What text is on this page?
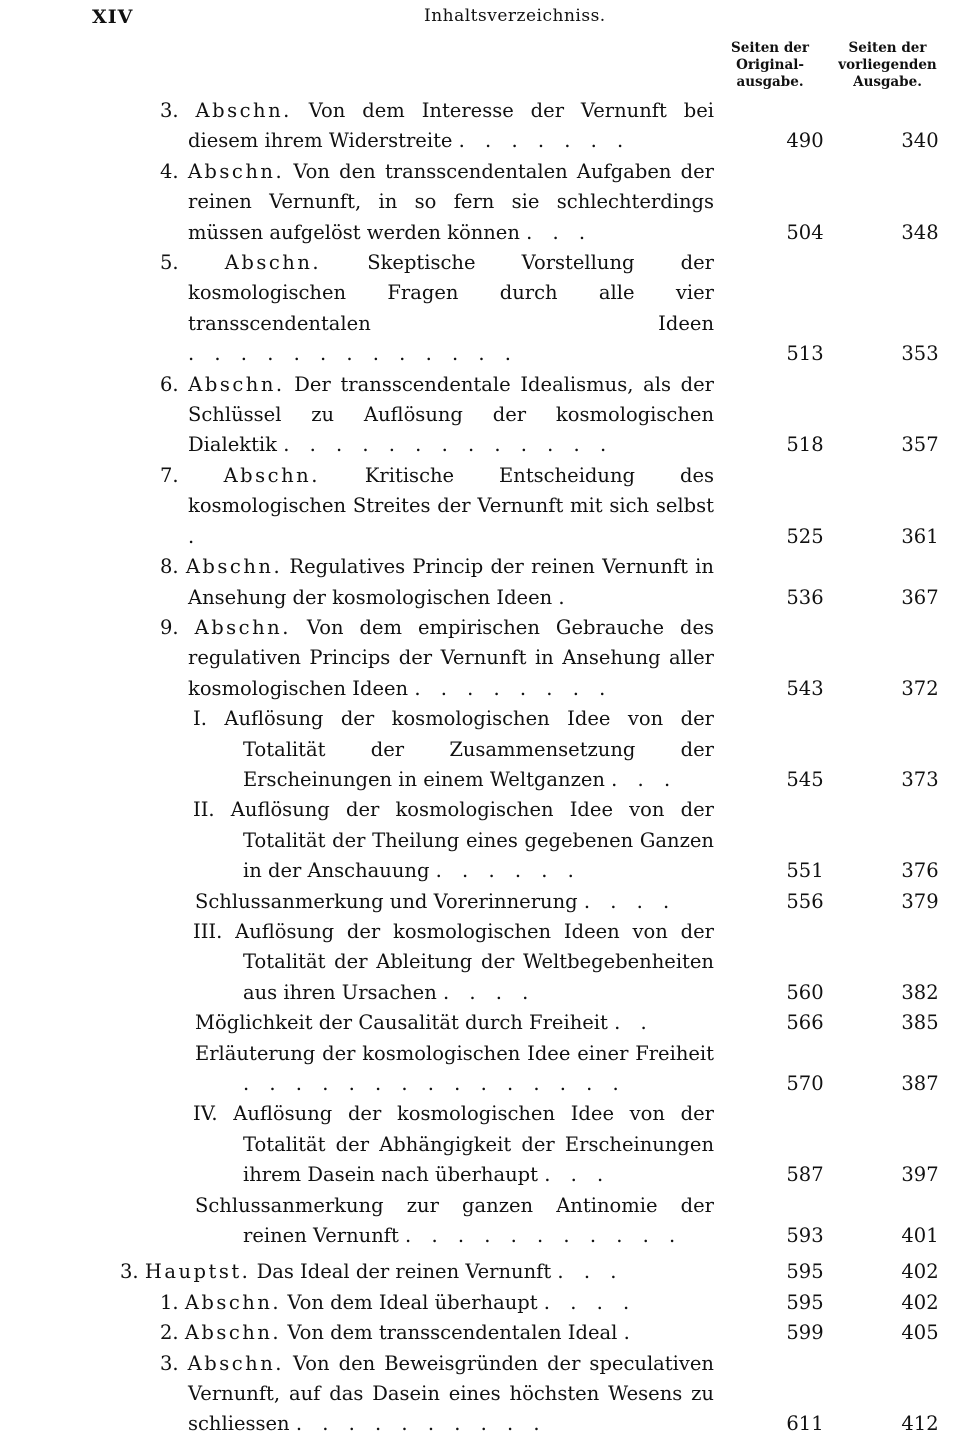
XIV	Inhaltsverzeichniss.
Seiten der
Original-
ausgabe.
Seiten der
vorliegenden
Ausgabe.
3. Abschn. Von dem Interesse der Vernunft bei diesem ihrem Widerstreite . . . . . . .	490	340
4. Abschn. Von den transscendentalen Aufgaben der reinen Vernunft, in so fern sie schlechterdings müssen aufgelöst werden können . . .	504	348
5. Abschn. Skeptische Vorstellung der kosmologischen Fragen durch alle vier transscendentalen Ideen . . . . . . . . . . . . .	513	353
6. Abschn. Der transscendentale Idealismus, als der Schlüssel zu Auflösung der kosmologischen Dialektik . . . . . . . . . . . . .	518	357
7. Abschn. Kritische Entscheidung des kosmologischen Streites der Vernunft mit sich selbst .	525	361
8. Abschn. Regulatives Princip der reinen Vernunft in Ansehung der kosmologischen Ideen .	536	367
9. Abschn. Von dem empirischen Gebrauche des regulativen Princips der Vernunft in Ansehung aller kosmologischen Ideen . . . . . . . .	543	372
I. Auflösung der kosmologischen Idee von der Totalität der Zusammensetzung der Erscheinungen in einem Weltganzen . . .	545	373
II. Auflösung der kosmologischen Idee von der Totalität der Theilung eines gegebenen Ganzen in der Anschauung . . . . . .	551	376
Schlussanmerkung und Vorerinnerung . . . .	556	379
III. Auflösung der kosmologischen Ideen von der Totalität der Ableitung der Weltbegebenheiten aus ihren Ursachen . . . .	560	382
Möglichkeit der Causalität durch Freiheit . .	566	385
Erläuterung der kosmologischen Idee einer Freiheit . . . . . . . . . . . . . . .	570	387
IV. Auflösung der kosmologischen Idee von der Totalität der Abhängigkeit der Erscheinungen ihrem Dasein nach überhaupt . . .	587	397
Schlussanmerkung zur ganzen Antinomie der reinen Vernunft . . . . . . . . . . .	593	401
3. Hauptst. Das Ideal der reinen Vernunft . . .	595	402
1. Abschn. Von dem Ideal überhaupt . . . .	595	402
2. Abschn. Von dem transscendentalen Ideal .	599	405
3. Abschn. Von den Beweisgründen der speculativen Vernunft, auf das Dasein eines höchsten Wesens zu schliessen . . . . . . . . . .	611	412
